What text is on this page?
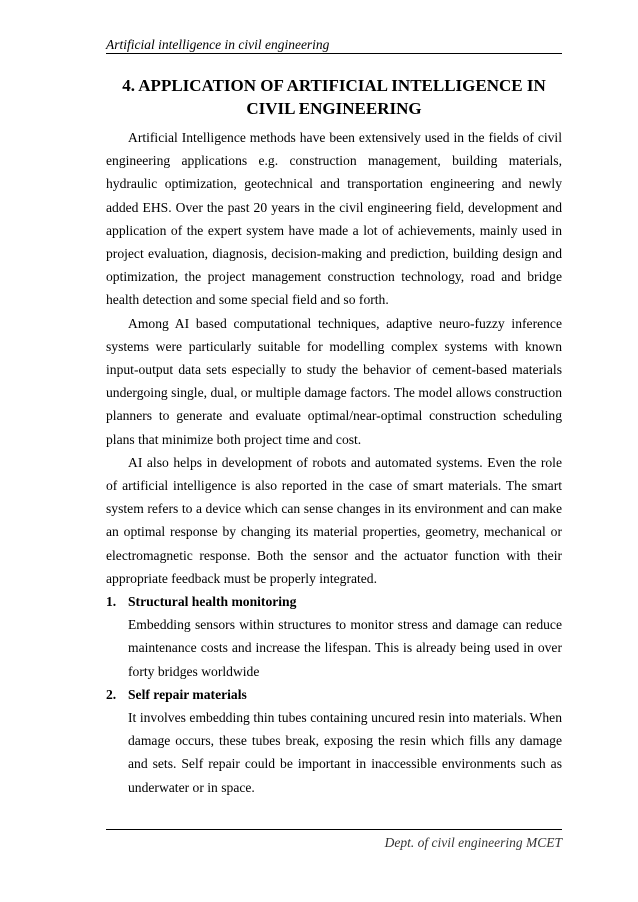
Artificial intelligence in civil engineering
4. APPLICATION OF ARTIFICIAL INTELLIGENCE IN CIVIL ENGINEERING

Artificial Intelligence methods have been extensively used in the fields of civil engineering applications e.g. construction management, building materials, hydraulic optimization, geotechnical and transportation engineering and newly added EHS. Over the past 20 years in the civil engineering field, development and application of the expert system have made a lot of achievements, mainly used in project evaluation, diagnosis, decision-making and prediction, building design and optimization, the project management construction technology, road and bridge health detection and some special field and so forth.

Among AI based computational techniques, adaptive neuro-fuzzy inference systems were particularly suitable for modelling complex systems with known input-output data sets especially to study the behavior of cement-based materials undergoing single, dual, or multiple damage factors. The model allows construction planners to generate and evaluate optimal/near-optimal construction scheduling plans that minimize both project time and cost.

AI also helps in development of robots and automated systems. Even the role of artificial intelligence is also reported in the case of smart materials. The smart system refers to a device which can sense changes in its environment and can make an optimal response by changing its material properties, geometry, mechanical or electromagnetic response. Both the sensor and the actuator function with their appropriate feedback must be properly integrated.

1. Structural health monitoring

Embedding sensors within structures to monitor stress and damage can reduce maintenance costs and increase the lifespan. This is already being used in over forty bridges worldwide

2. Self repair materials

It involves embedding thin tubes containing uncured resin into materials. When damage occurs, these tubes break, exposing the resin which fills any damage and sets. Self repair could be important in inaccessible environments such as underwater or in space.

Dept. of civil engineering MCET
